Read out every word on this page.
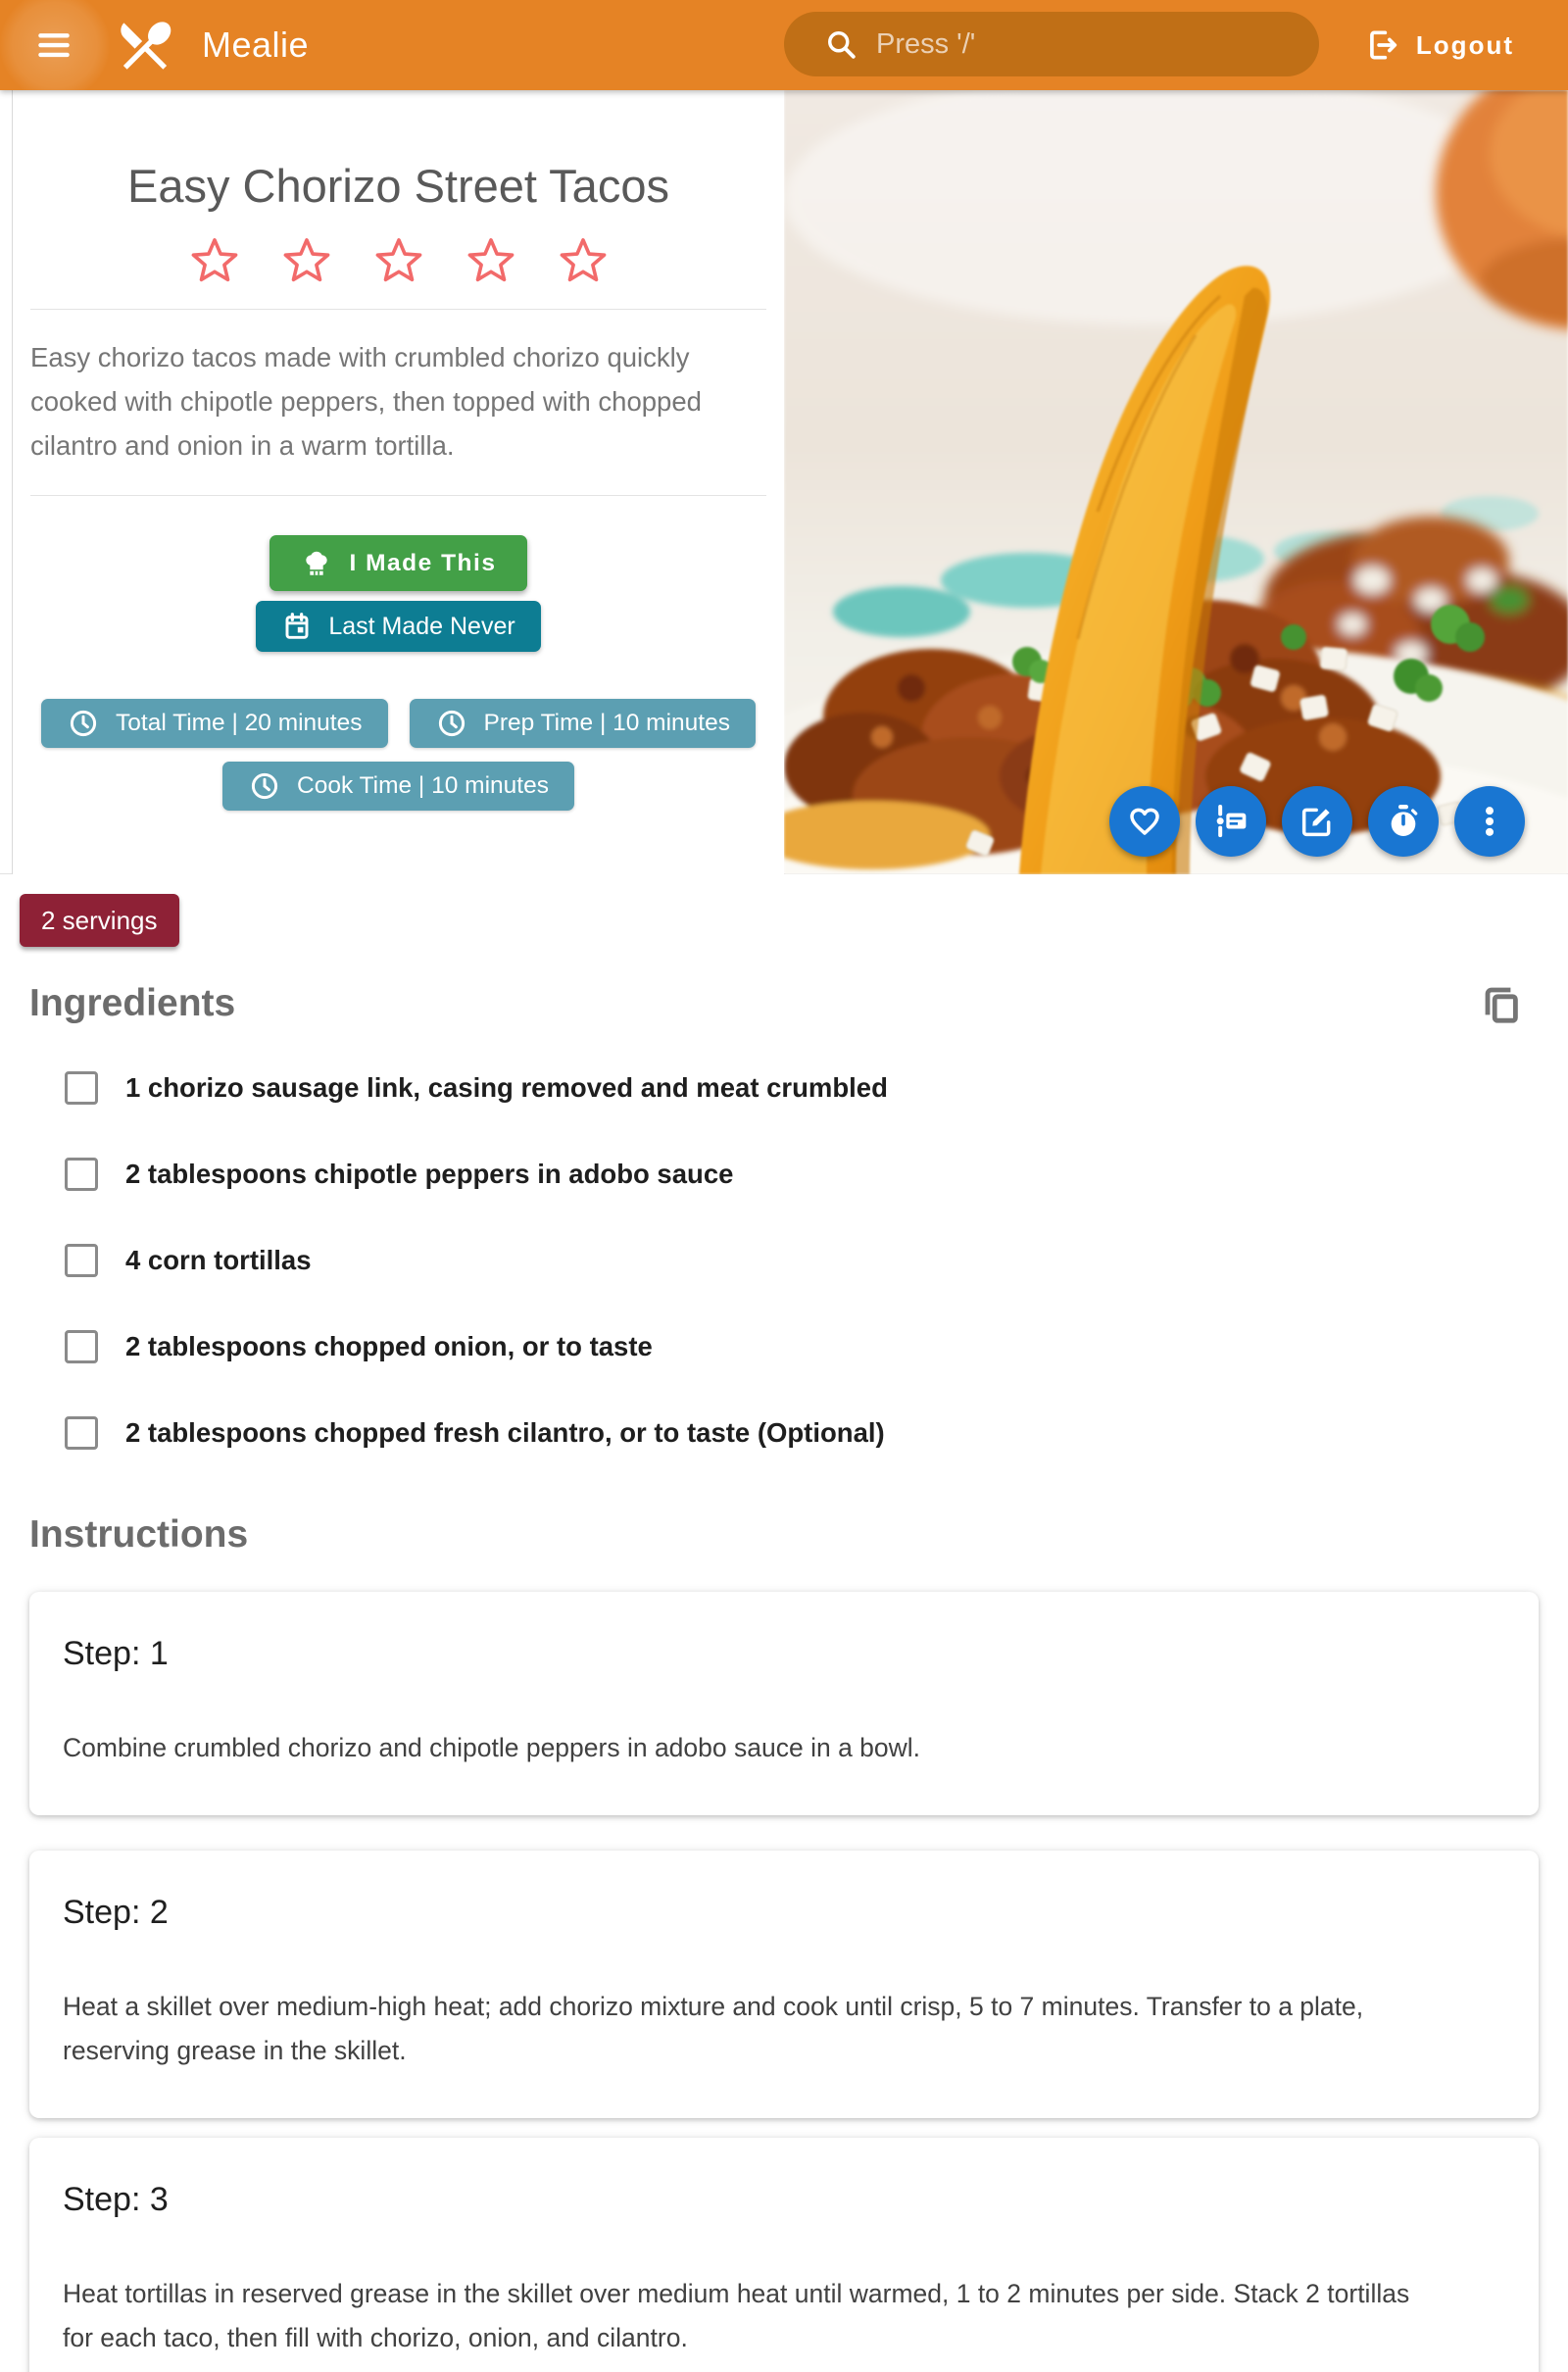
Mealie
Press '/'	Logout
Easy Chorizo Street Tacos

Easy chorizo tacos made with crumbled chorizo quickly cooked with chipotle peppers, then topped with chopped cilantro and onion in a warm tortilla.

I Made This
Last Made Never
Total Time | 20 minutes	Prep Time | 10 minutes
Cook Time | 10 minutes
2 servings
Ingredients
1 chorizo sausage link, casing removed and meat crumbled
2 tablespoons chipotle peppers in adobo sauce
4 corn tortillas
2 tablespoons chopped onion, or to taste
2 tablespoons chopped fresh cilantro, or to taste (Optional)
Instructions
Step: 1

Combine crumbled chorizo and chipotle peppers in adobo sauce in a bowl.

Step: 2

Heat a skillet over medium-high heat; add chorizo mixture and cook until crisp, 5 to 7 minutes. Transfer to a plate, reserving grease in the skillet.

Step: 3

Heat tortillas in reserved grease in the skillet over medium heat until warmed, 1 to 2 minutes per side. Stack 2 tortillas for each taco, then fill with chorizo, onion, and cilantro.
